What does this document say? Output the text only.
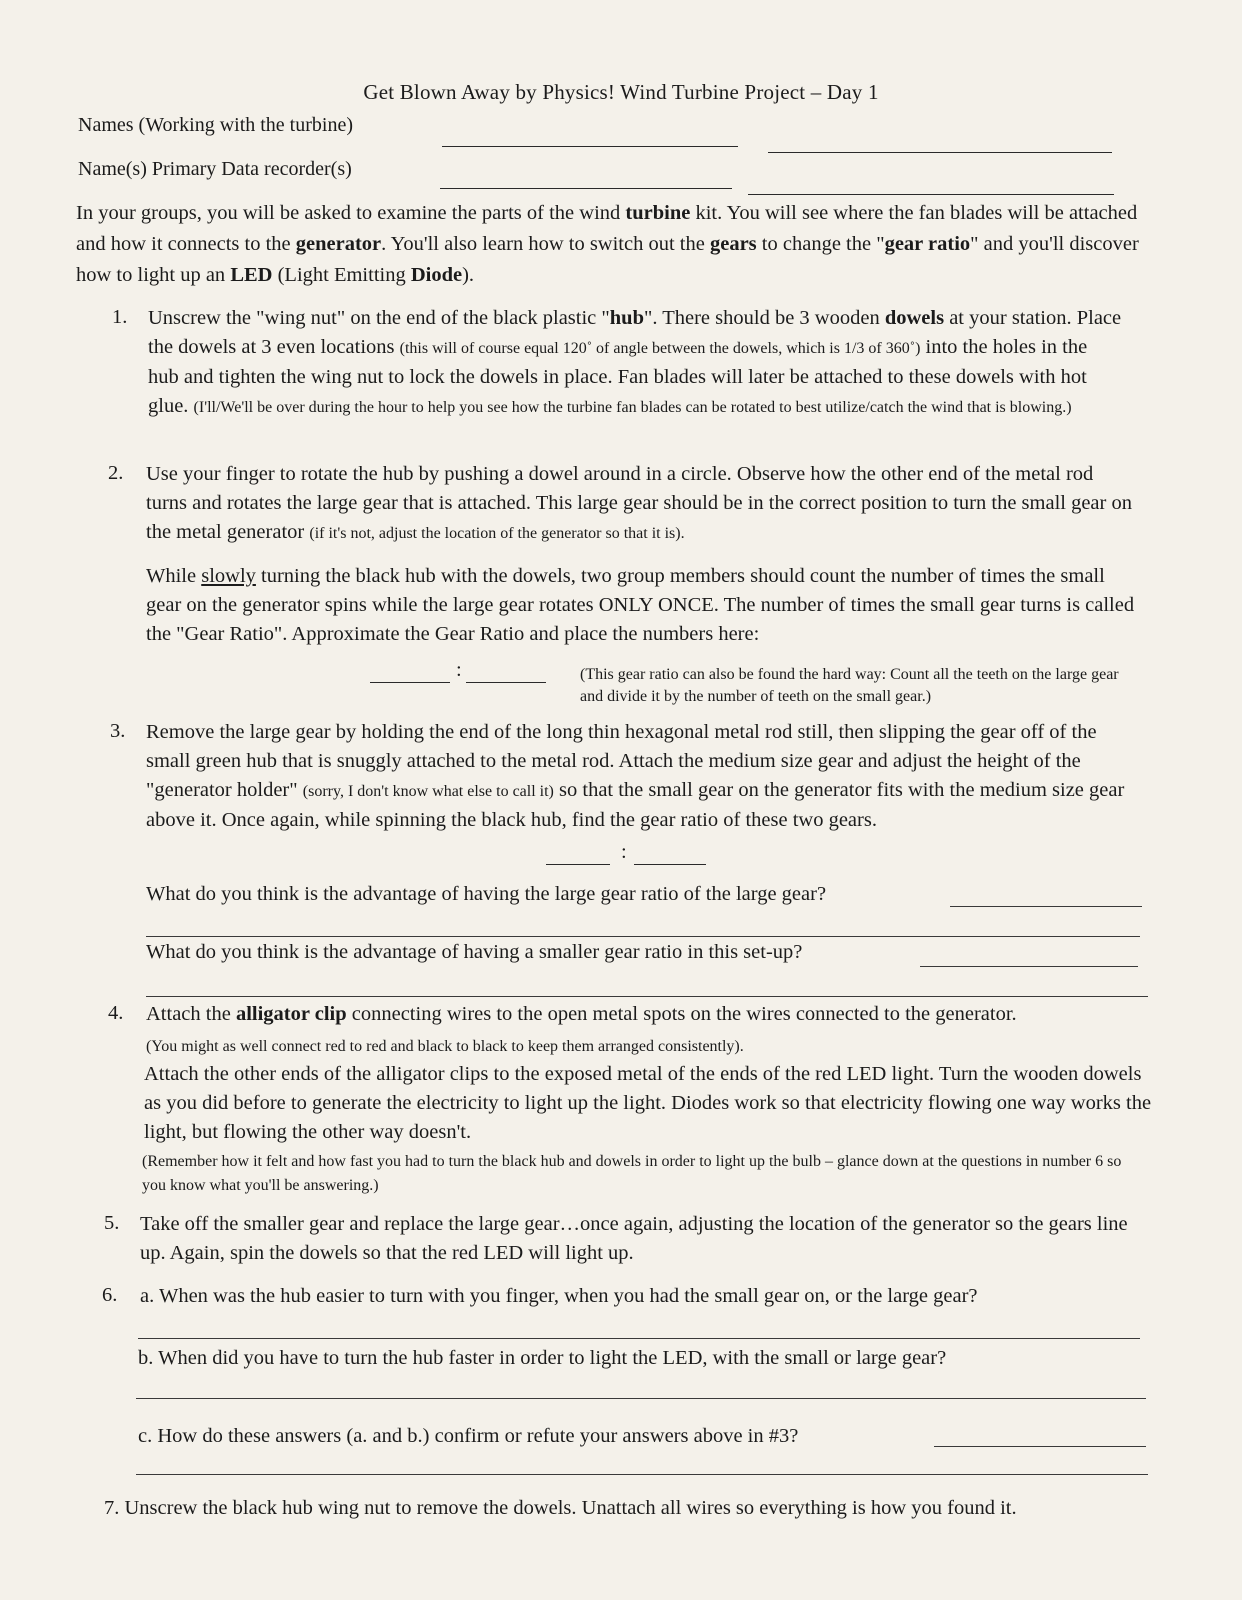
Get Blown Away by Physics! Wind Turbine Project – Day 1
Names (Working with the turbine)
Name(s) Primary Data recorder(s)
In your groups, you will be asked to examine the parts of the wind turbine kit. You will see where the fan blades will be attached and how it connects to the generator. You'll also learn how to switch out the gears to change the "gear ratio" and you'll discover how to light up an LED (Light Emitting Diode).
1. Unscrew the "wing nut" on the end of the black plastic "hub". There should be 3 wooden dowels at your station. Place the dowels at 3 even locations (this will of course equal 120˚ of angle between the dowels, which is 1/3 of 360˚) into the holes in the hub and tighten the wing nut to lock the dowels in place. Fan blades will later be attached to these dowels with hot glue. (I'll/We'll be over during the hour to help you see how the turbine fan blades can be rotated to best utilize/catch the wind that is blowing.)
2. Use your finger to rotate the hub by pushing a dowel around in a circle. Observe how the other end of the metal rod turns and rotates the large gear that is attached. This large gear should be in the correct position to turn the small gear on the metal generator (if it's not, adjust the location of the generator so that it is).
While slowly turning the black hub with the dowels, two group members should count the number of times the small gear on the generator spins while the large gear rotates ONLY ONCE. The number of times the small gear turns is called the "Gear Ratio". Approximate the Gear Ratio and place the numbers here:
:	(This gear ratio can also be found the hard way: Count all the teeth on the large gear and divide it by the number of teeth on the small gear.)
3. Remove the large gear by holding the end of the long thin hexagonal metal rod still, then slipping the gear off of the small green hub that is snuggly attached to the metal rod. Attach the medium size gear and adjust the height of the "generator holder" (sorry, I don't know what else to call it) so that the small gear on the generator fits with the medium size gear above it. Once again, while spinning the black hub, find the gear ratio of these two gears.
:
What do you think is the advantage of having the large gear ratio of the large gear?
What do you think is the advantage of having a smaller gear ratio in this set-up?
4. Attach the alligator clip connecting wires to the open metal spots on the wires connected to the generator.
(You might as well connect red to red and black to black to keep them arranged consistently).
Attach the other ends of the alligator clips to the exposed metal of the ends of the red LED light. Turn the wooden dowels as you did before to generate the electricity to light up the light. Diodes work so that electricity flowing one way works the light, but flowing the other way doesn't.
(Remember how it felt and how fast you had to turn the black hub and dowels in order to light up the bulb – glance down at the questions in number 6 so you know what you'll be answering.)
5. Take off the smaller gear and replace the large gear…once again, adjusting the location of the generator so the gears line up. Again, spin the dowels so that the red LED will light up.
6. a. When was the hub easier to turn with you finger, when you had the small gear on, or the large gear?
b. When did you have to turn the hub faster in order to light the LED, with the small or large gear?
c. How do these answers (a. and b.) confirm or refute your answers above in #3?
7. Unscrew the black hub wing nut to remove the dowels. Unattach all wires so everything is how you found it.
